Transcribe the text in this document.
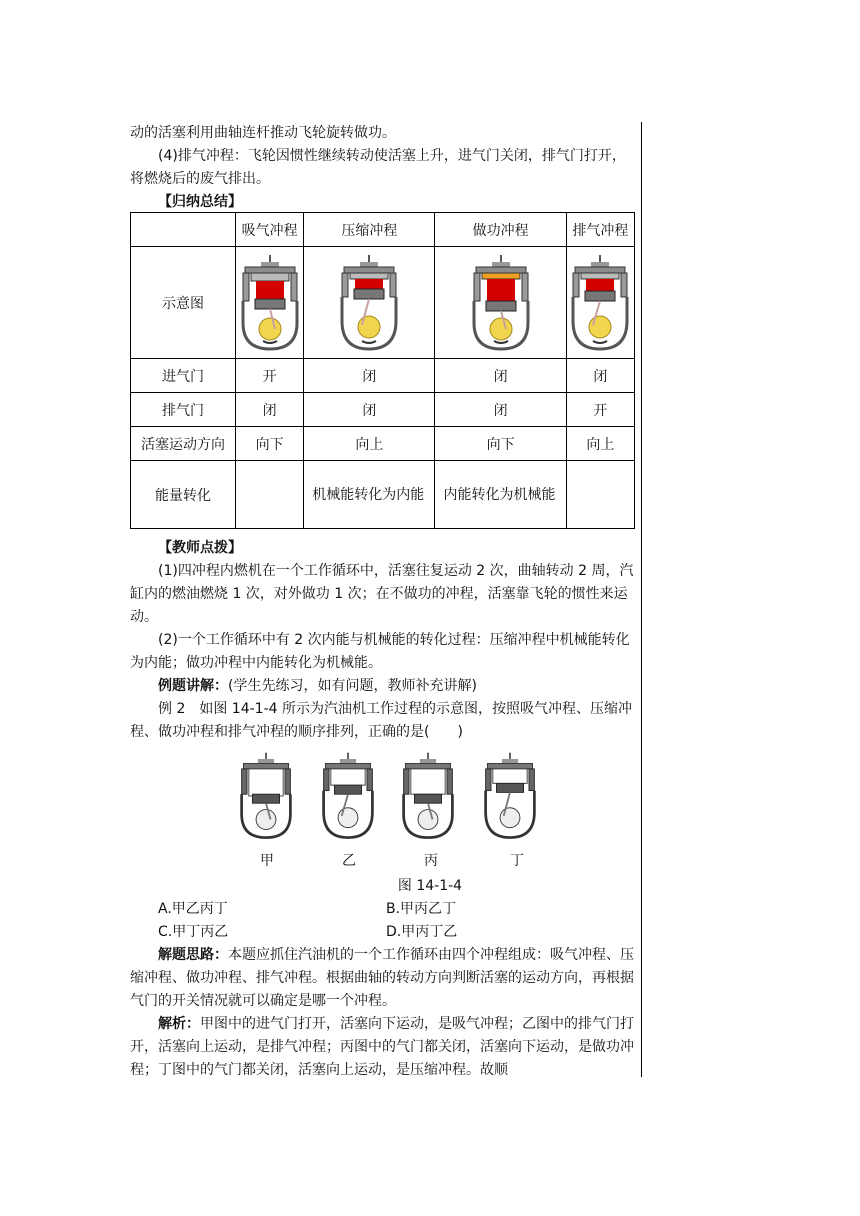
动的活塞利用曲轴连杆推动飞轮旋转做功。

(4)排气冲程：飞轮因惯性继续转动使活塞上升，进气门关闭，排气门打开，将燃烧后的废气排出。

【归纳总结】

	吸气冲程	压缩冲程	做功冲程	排气冲程
示意图	

进气门	开	闭	闭	闭
排气门	闭	闭	闭	开
活塞运动方向	向下	向上	向下	向上
能量转化		机械能转化为内能	内能转化为机械能	

【教师点拨】

(1)四冲程内燃机在一个工作循环中，活塞往复运动 2 次，曲轴转动 2 周，汽缸内的燃油燃烧 1 次，对外做功 1 次；在不做功的冲程，活塞靠飞轮的惯性来运动。

(2)一个工作循环中有 2 次内能与机械能的转化过程：压缩冲程中机械能转化为内能；做功冲程中内能转化为机械能。

例题讲解：(学生先练习，如有问题，教师补充讲解)

例 2　如图 14-1-4 所示为汽油机工作过程的示意图，按照吸气冲程、压缩冲程、做功冲程和排气冲程的顺序排列，正确的是(　　)

甲	乙	丙	丁
图 14-1-4
A.甲乙丙丁	B.甲丙乙丁
C.甲丁丙乙	D.甲丙丁乙

解题思路：本题应抓住汽油机的一个工作循环由四个冲程组成：吸气冲程、压缩冲程、做功冲程、排气冲程。根据曲轴的转动方向判断活塞的运动方向，再根据气门的开关情况就可以确定是哪一个冲程。

解析：甲图中的进气门打开，活塞向下运动，是吸气冲程；乙图中的排气门打开，活塞向上运动，是排气冲程；丙图中的气门都关闭，活塞向下运动，是做功冲程；丁图中的气门都关闭，活塞向上运动，是压缩冲程。故顺
